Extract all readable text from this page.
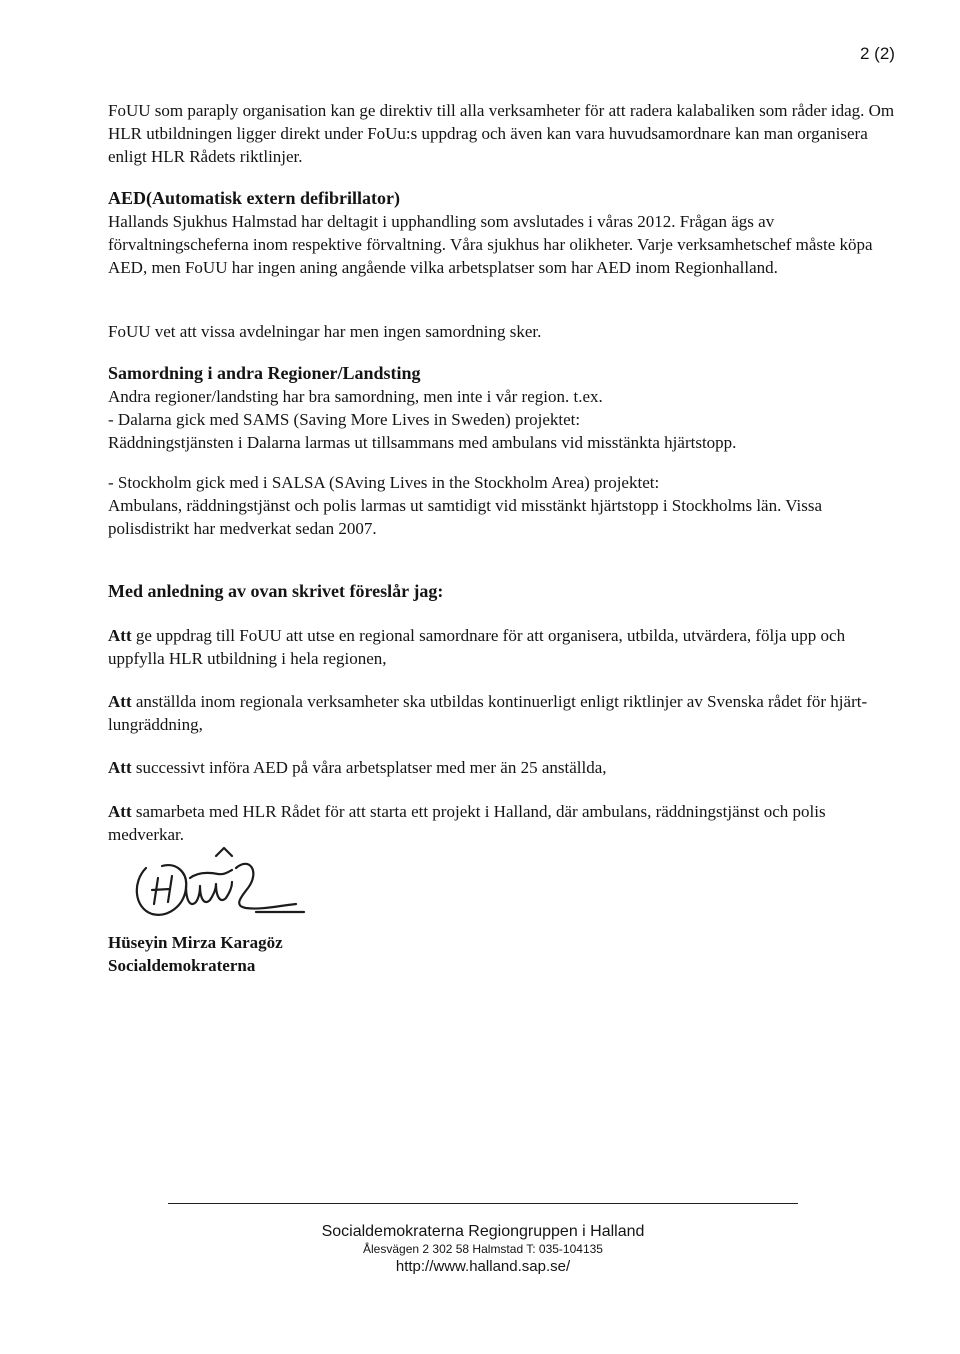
2 (2)

FoUU som paraply organisation kan ge direktiv till alla verksamheter för att radera kalabaliken som råder idag. Om HLR utbildningen ligger direkt under FoUu:s uppdrag och även kan vara huvudsamordnare kan man organisera enligt HLR Rådets riktlinjer.

AED(Automatisk extern defibrillator)

Hallands Sjukhus Halmstad har deltagit i upphandling som avslutades i våras 2012. Frågan ägs av förvaltningscheferna inom respektive förvaltning. Våra sjukhus har olikheter. Varje verksamhetschef måste köpa AED, men FoUU har ingen aning angående vilka arbetsplatser som har AED inom Regionhalland.

FoUU vet att vissa avdelningar har men ingen samordning sker.

Samordning i andra Regioner/Landsting

Andra regioner/landsting har bra samordning, men inte i vår region. t.ex.

- Dalarna gick med SAMS (Saving More Lives in Sweden) projektet:

Räddningstjänsten i Dalarna larmas ut tillsammans med ambulans vid misstänkta hjärtstopp.

- Stockholm gick med i SALSA (SAving Lives in the Stockholm Area) projektet:

Ambulans, räddningstjänst och polis larmas ut samtidigt vid misstänkt hjärtstopp i Stockholms län. Vissa polisdistrikt har medverkat sedan 2007.

Med anledning av ovan skrivet föreslår jag:

Att ge uppdrag till FoUU att utse en regional samordnare för att organisera, utbilda, utvärdera, följa upp och uppfylla HLR utbildning i hela regionen,

Att anställda inom regionala verksamheter ska utbildas kontinuerligt enligt riktlinjer av Svenska rådet för hjärt-lungräddning,

Att successivt införa AED på våra arbetsplatser med mer än 25 anställda,

Att samarbeta med HLR Rådet för att starta ett projekt i Halland, där ambulans, räddningstjänst och polis medverkar.

Hüseyin Mirza Karagöz
Socialdemokraterna
Socialdemokraterna Regiongruppen i Halland
Ålesvägen 2 302 58 Halmstad T: 035-104135
http://www.halland.sap.se/
